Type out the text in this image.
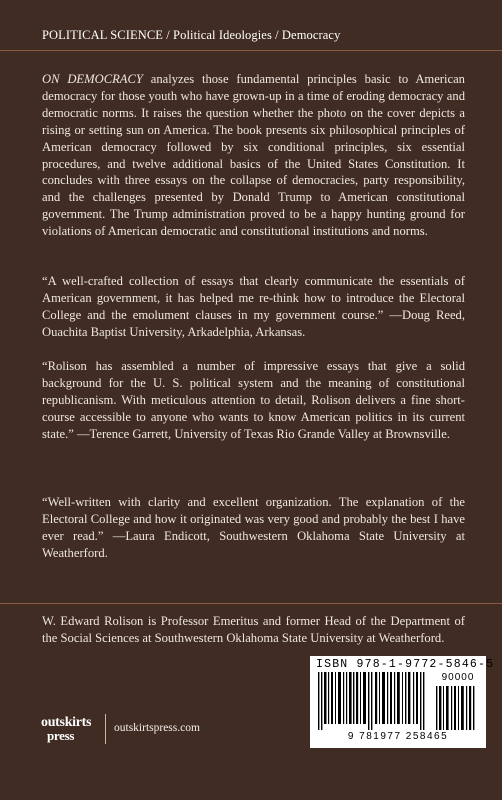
POLITICAL SCIENCE / Political Ideologies / Democracy
ON DEMOCRACY analyzes those fundamental principles basic to American democracy for those youth who have grown-up in a time of eroding democracy and democratic norms. It raises the question whether the photo on the cover depicts a rising or setting sun on America. The book presents six philosophical principles of American democracy followed by six conditional principles, six essential procedures, and twelve additional basics of the United States Constitution. It concludes with three essays on the collapse of democracies, party responsibility, and the challenges presented by Donald Trump to American constitutional government. The Trump administration proved to be a happy hunting ground for violations of American democratic and constitutional institutions and norms.
“A well-crafted collection of essays that clearly communicate the essentials of American government, it has helped me re-think how to introduce the Electoral College and the emolument clauses in my government course.” —Doug Reed, Ouachita Baptist University, Arkadelphia, Arkansas.
“Rolison has assembled a number of impressive essays that give a solid background for the U. S. political system and the meaning of constitutional republicanism. With meticulous attention to detail, Rolison delivers a fine short-course accessible to anyone who wants to know American politics in its current state.” —Terence Garrett, University of Texas Rio Grande Valley at Brownsville.
“Well-written with clarity and excellent organization. The explanation of the Electoral College and how it originated was very good and probably the best I have ever read.” —Laura Endicott, Southwestern Oklahoma State University at Weatherford.
W. Edward Rolison is Professor Emeritus and former Head of the Department of the Social Sciences at Southwestern Oklahoma State University at Weatherford.
ISBN 978-1-9772-5846-5
90000
9 781977 258465
outskirts
press	outskirtspress.com
